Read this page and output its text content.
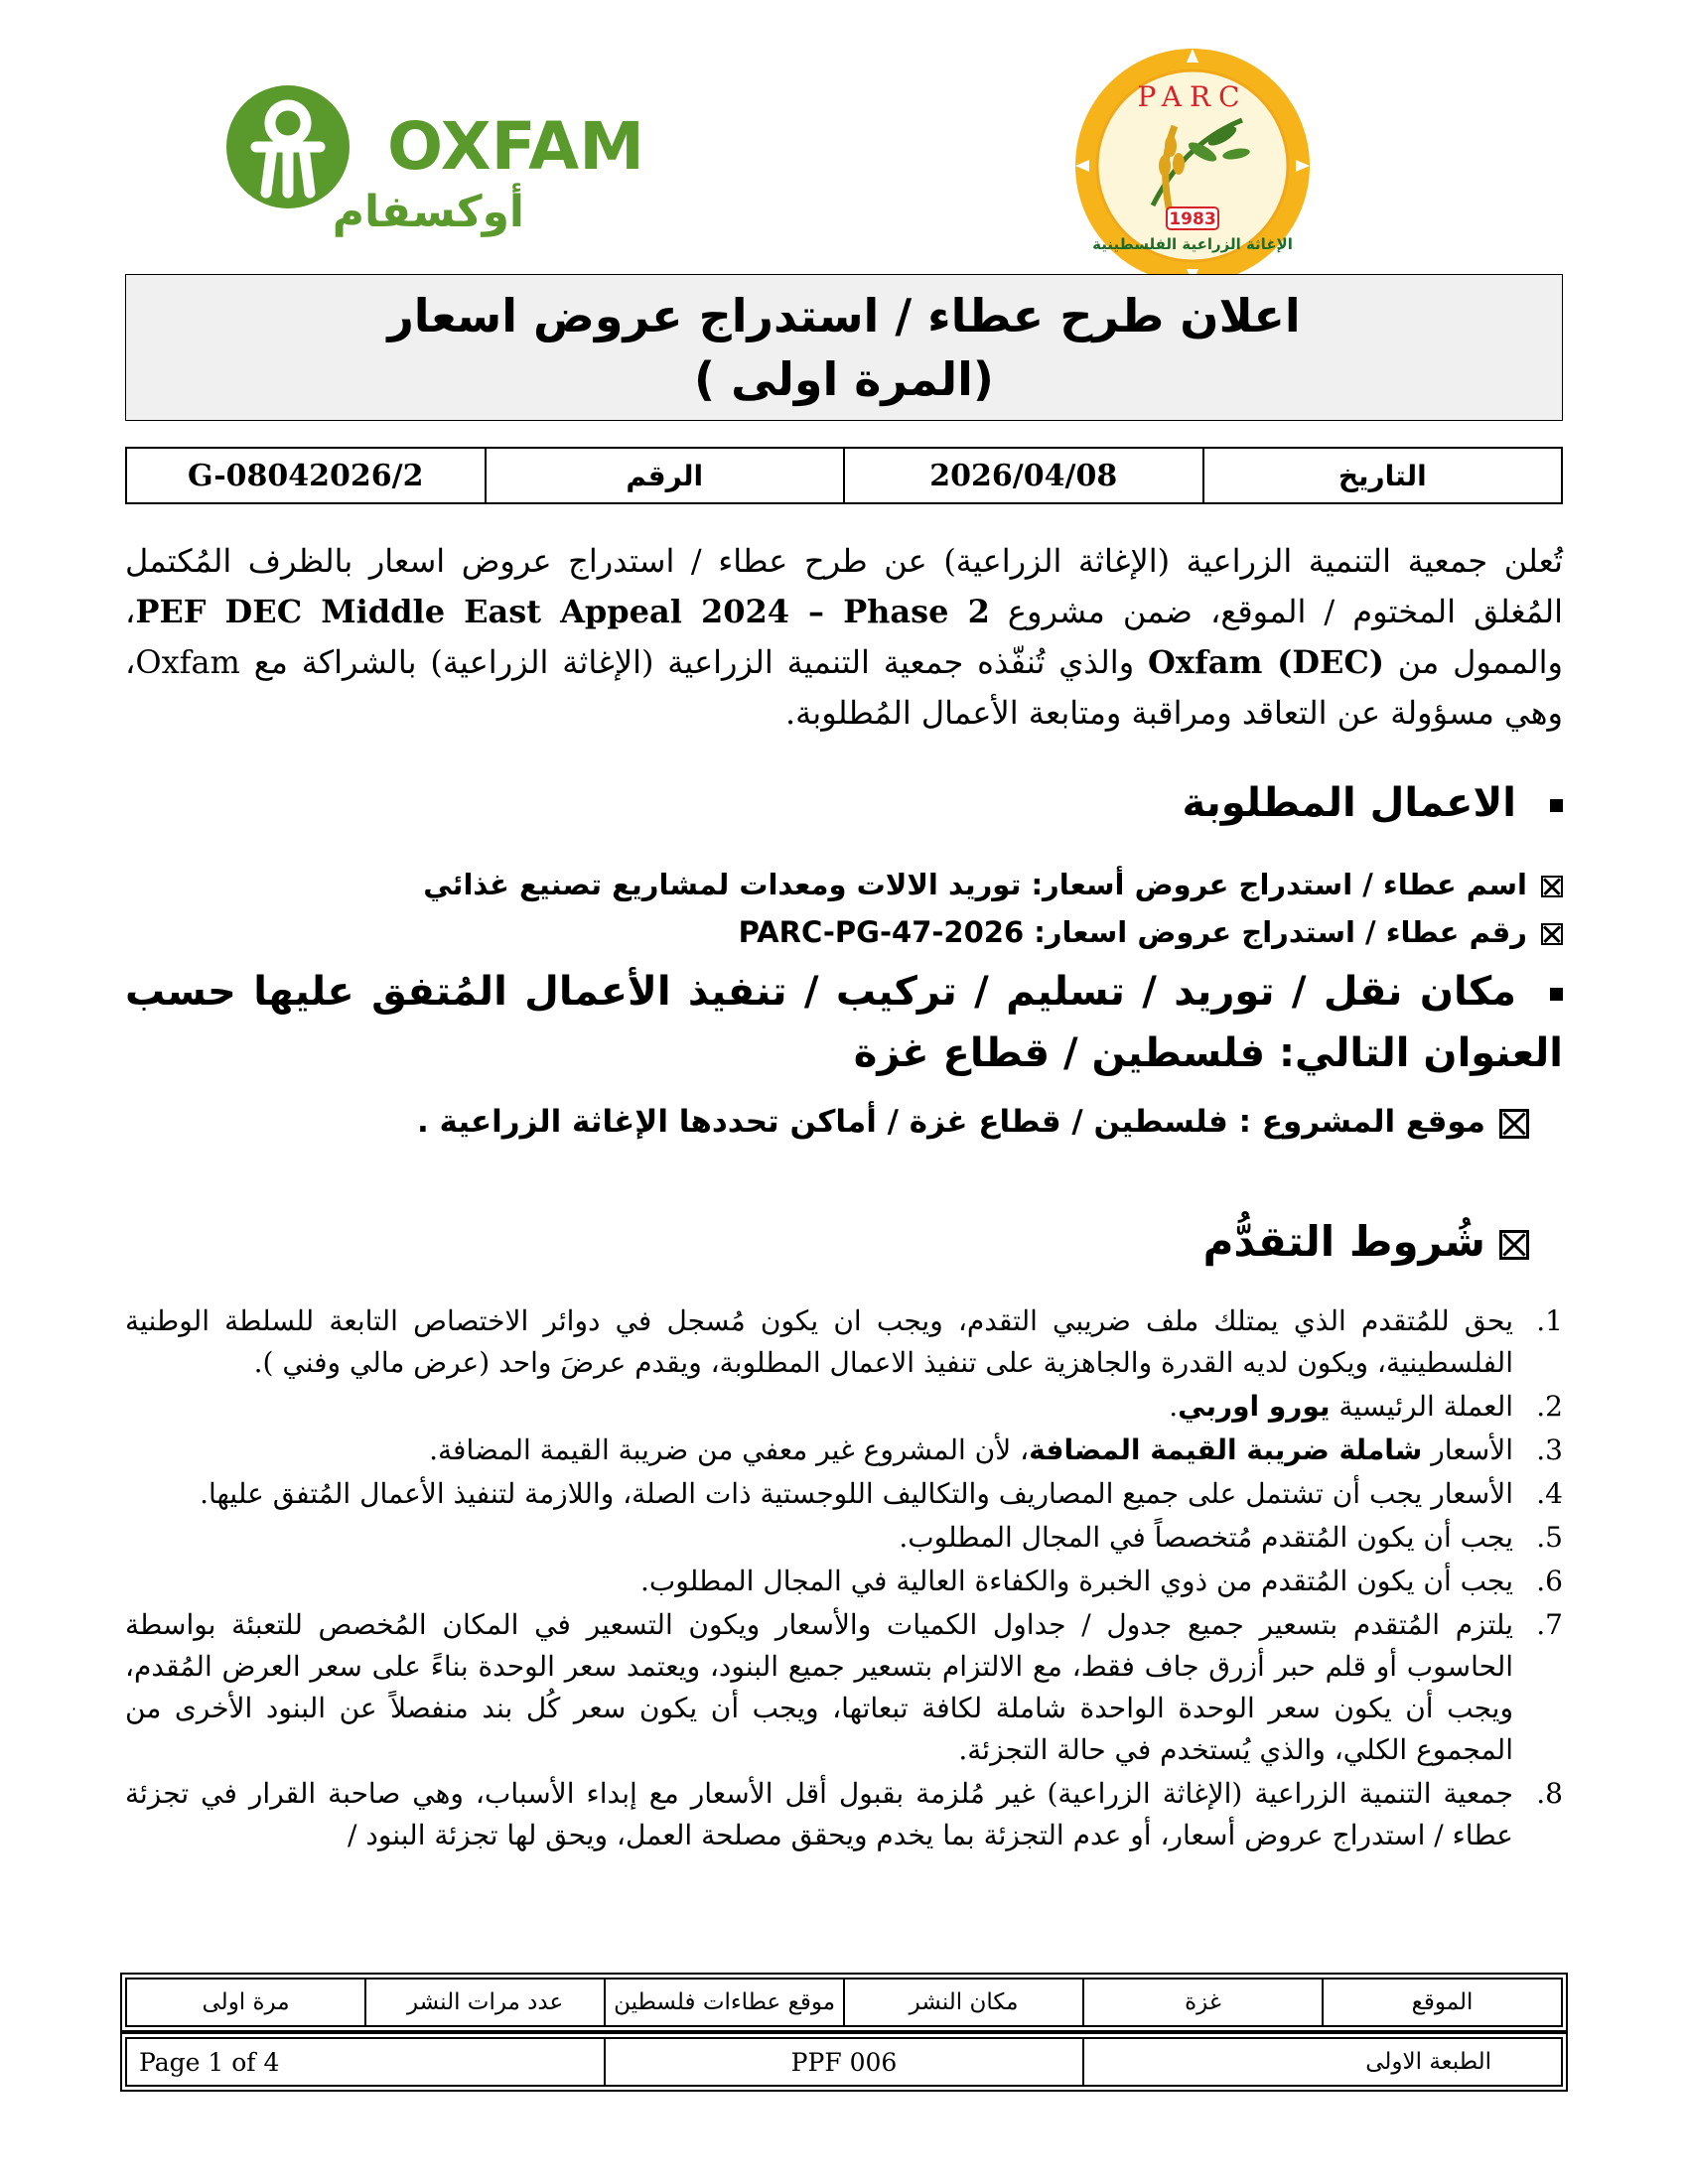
OXFAM
أوكسفام
PARC
1983
الإغاثة الزراعية الفلسطينية
اعلان طرح عطاء / استدراج عروض اسعار
(المرة اولى )
التاريخ	2026/04/08	الرقم	G-08042026/2
تُعلن جمعية التنمية الزراعية (الإغاثة الزراعية) عن طرح عطاء / استدراج عروض اسعار بالظرف المُكتمل المُغلق المختوم / الموقع، ضمن مشروع PEF DEC Middle East Appeal 2024 – Phase 2، والممول من Oxfam (DEC) والذي تُنفّذه جمعية التنمية الزراعية (الإغاثة الزراعية) بالشراكة مع Oxfam، وهي مسؤولة عن التعاقد ومراقبة ومتابعة الأعمال المُطلوبة.
الاعمال المطلوبة
اسم عطاء / استدراج عروض أسعار: توريد الالات ومعدات لمشاريع تصنيع غذائي
رقم عطاء / استدراج عروض اسعار: PARC-PG-47-2026
مكان نقل / توريد / تسليم / تركيب / تنفيذ الأعمال المُتفق عليها حسب العنوان التالي: فلسطين / قطاع غزة
موقع المشروع : فلسطين / قطاع غزة / أماكن تحددها الإغاثة الزراعية .
شُروط التقدُّم
1.
يحق للمُتقدم الذي يمتلك ملف ضريبي التقدم، ويجب ان يكون مُسجل في دوائر الاختصاص التابعة للسلطة الوطنية الفلسطينية، ويكون لديه القدرة والجاهزية على تنفيذ الاعمال المطلوبة، ويقدم عرضَ واحد (عرض مالي وفني ).
2.
العملة الرئيسية يورو اوربي.
3.
الأسعار شاملة ضريبة القيمة المضافة، لأن المشروع غير معفي من ضريبة القيمة المضافة.
4.
الأسعار يجب أن تشتمل على جميع المصاريف والتكاليف اللوجستية ذات الصلة، واللازمة لتنفيذ الأعمال المُتفق عليها.
5.
يجب أن يكون المُتقدم مُتخصصاً في المجال المطلوب.
6.
يجب أن يكون المُتقدم من ذوي الخبرة والكفاءة العالية في المجال المطلوب.
7.
يلتزم المُتقدم بتسعير جميع جدول / جداول الكميات والأسعار ويكون التسعير في المكان المُخصص للتعبئة بواسطة الحاسوب أو قلم حبر أزرق جاف فقط، مع الالتزام بتسعير جميع البنود، ويعتمد سعر الوحدة بناءً على سعر العرض المُقدم، ويجب أن يكون سعر الوحدة الواحدة شاملة لكافة تبعاتها، ويجب أن يكون سعر كُل بند منفصلاً عن البنود الأخرى من المجموع الكلي، والذي يُستخدم في حالة التجزئة.
8.
جمعية التنمية الزراعية (الإغاثة الزراعية) غير مُلزمة بقبول أقل الأسعار مع إبداء الأسباب، وهي صاحبة القرار في تجزئة عطاء / استدراج عروض أسعار، أو عدم التجزئة بما يخدم ويحقق مصلحة العمل، ويحق لها تجزئة البنود /
الموقع	غزة	مكان النشر	موقع عطاءات فلسطين	عدد مرات النشر	مرة اولى
الطبعة الاولى	PPF 006	Page 1 of 4
